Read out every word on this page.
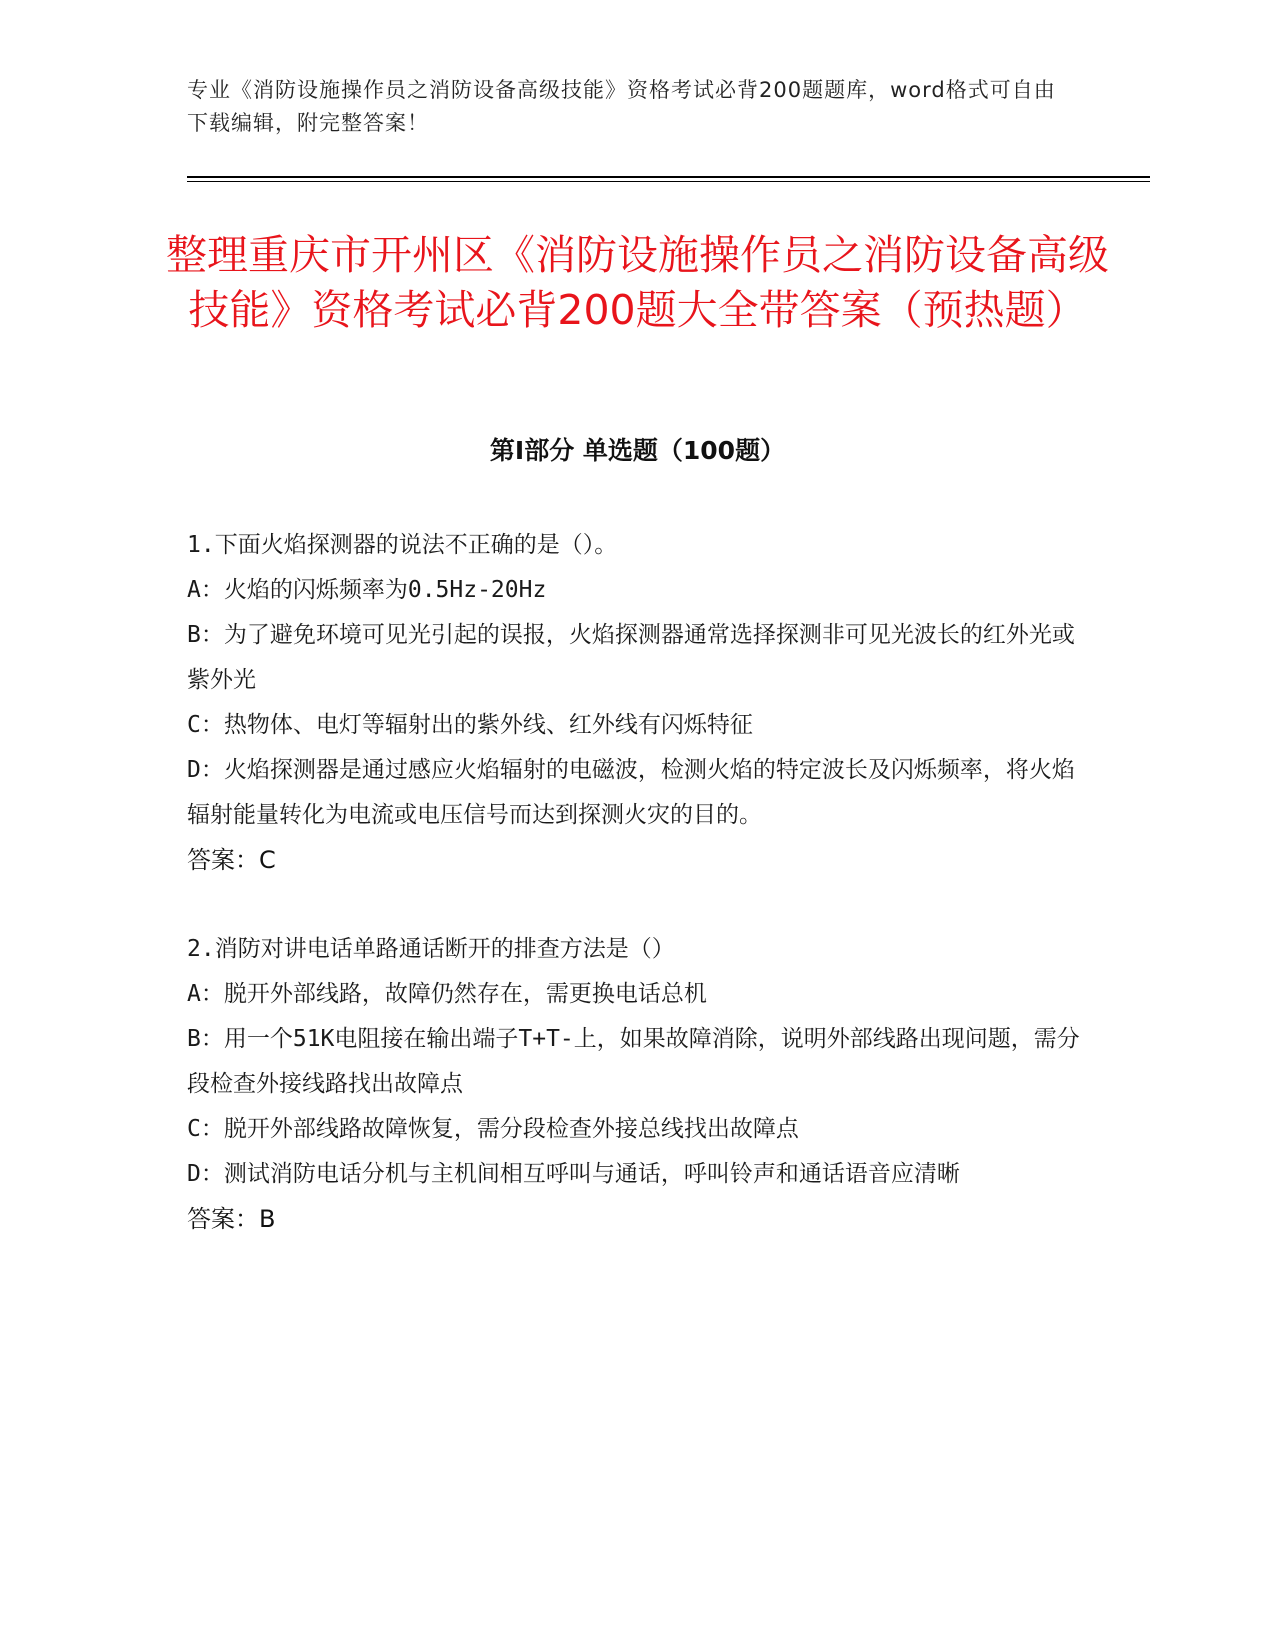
专业《消防设施操作员之消防设备高级技能》资格考试必背200题题库，word格式可自由下载编辑，附完整答案！
整理重庆市开州区《消防设施操作员之消防设备高级技能》资格考试必背200题大全带答案（预热题）
第I部分 单选题（100题）

1.下面火焰探测器的说法不正确的是（）。

A：火焰的闪烁频率为0.5Hz-20Hz

B：为了避免环境可见光引起的误报，火焰探测器通常选择探测非可见光波长的红外光或紫外光

C：热物体、电灯等辐射出的紫外线、红外线有闪烁特征

D：火焰探测器是通过感应火焰辐射的电磁波，检测火焰的特定波长及闪烁频率，将火焰辐射能量转化为电流或电压信号而达到探测火灾的目的。

答案：C

2.消防对讲电话单路通话断开的排查方法是（）

A：脱开外部线路，故障仍然存在，需更换电话总机

B：用一个51K电阻接在输出端子T+T-上，如果故障消除，说明外部线路出现问题，需分段检查外接线路找出故障点

C：脱开外部线路故障恢复，需分段检查外接总线找出故障点

D：测试消防电话分机与主机间相互呼叫与通话，呼叫铃声和通话语音应清晰

答案：B
